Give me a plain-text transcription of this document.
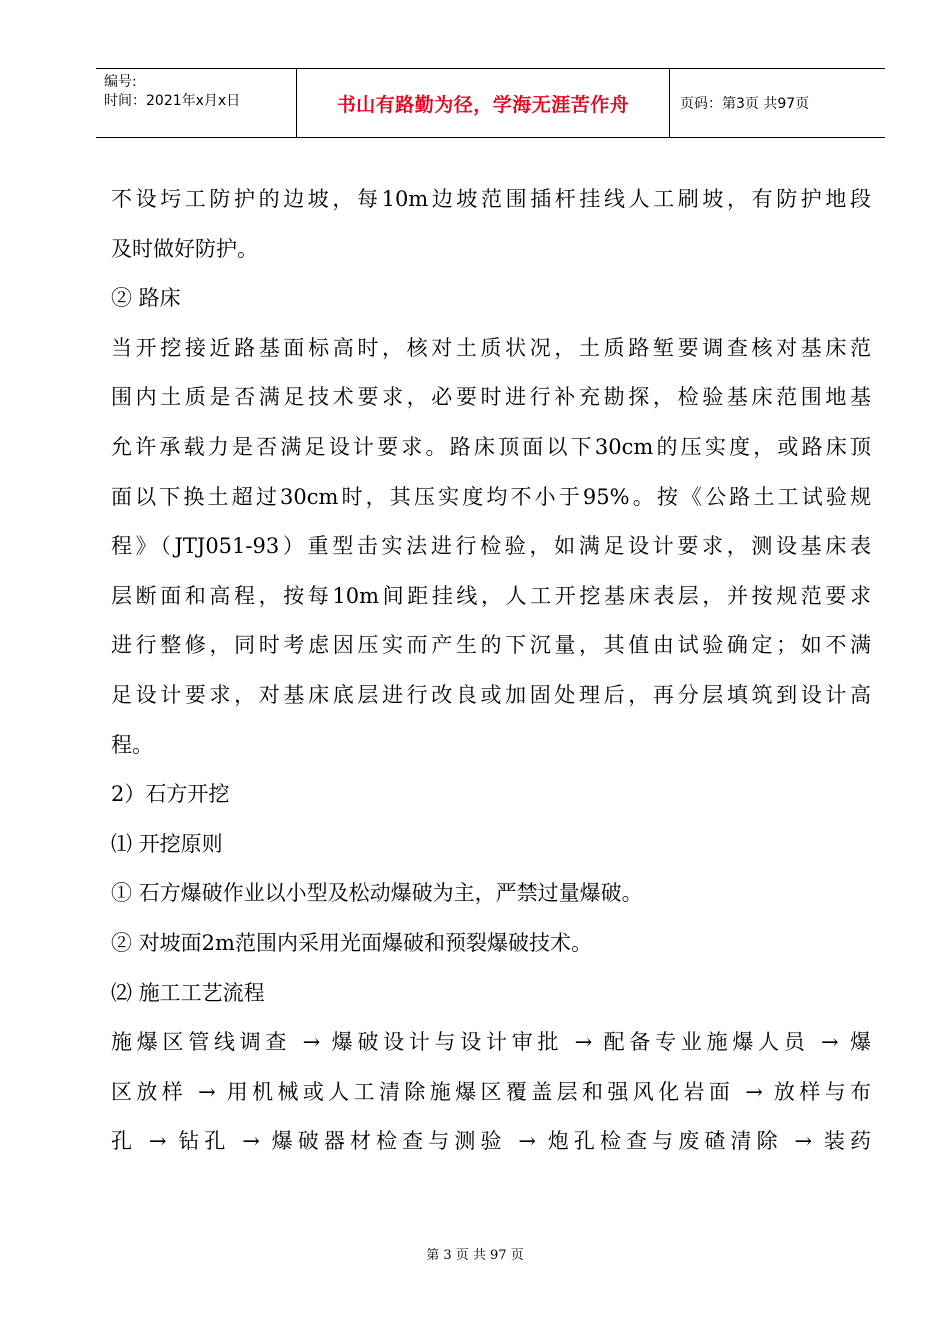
编号:
时间：2021年x月x日	书山有路勤为径，学海无涯苦作舟	页码：第3页 共97页
不设圬工防护的边坡，每10m边坡范围插杆挂线人工刷坡，有防护地段
及时做好防护。
② 路床
当开挖接近路基面标高时，核对土质状况，土质路堑要调查核对基床范
围内土质是否满足技术要求，必要时进行补充勘探，检验基床范围地基
允许承载力是否满足设计要求。路床顶面以下30cm的压实度，或路床顶
面以下换土超过30cm时，其压实度均不小于95%。按《公路土工试验规
程》（JTJ051-93）重型击实法进行检验，如满足设计要求，测设基床表
层断面和高程，按每10m间距挂线，人工开挖基床表层，并按规范要求
进行整修，同时考虑因压实而产生的下沉量，其值由试验确定；如不满
足设计要求，对基床底层进行改良或加固处理后，再分层填筑到设计高
程。
2）石方开挖
⑴ 开挖原则
① 石方爆破作业以小型及松动爆破为主，严禁过量爆破。
② 对坡面2m范围内采用光面爆破和预裂爆破技术。
⑵ 施工工艺流程
施爆区管线调查 → 爆破设计与设计审批 → 配备专业施爆人员 → 爆
区放样 → 用机械或人工清除施爆区覆盖层和强风化岩面 → 放样与布
孔 → 钻孔 → 爆破器材检查与测验 → 炮孔检查与废碴清除 → 装药
第 3 页 共 97 页
